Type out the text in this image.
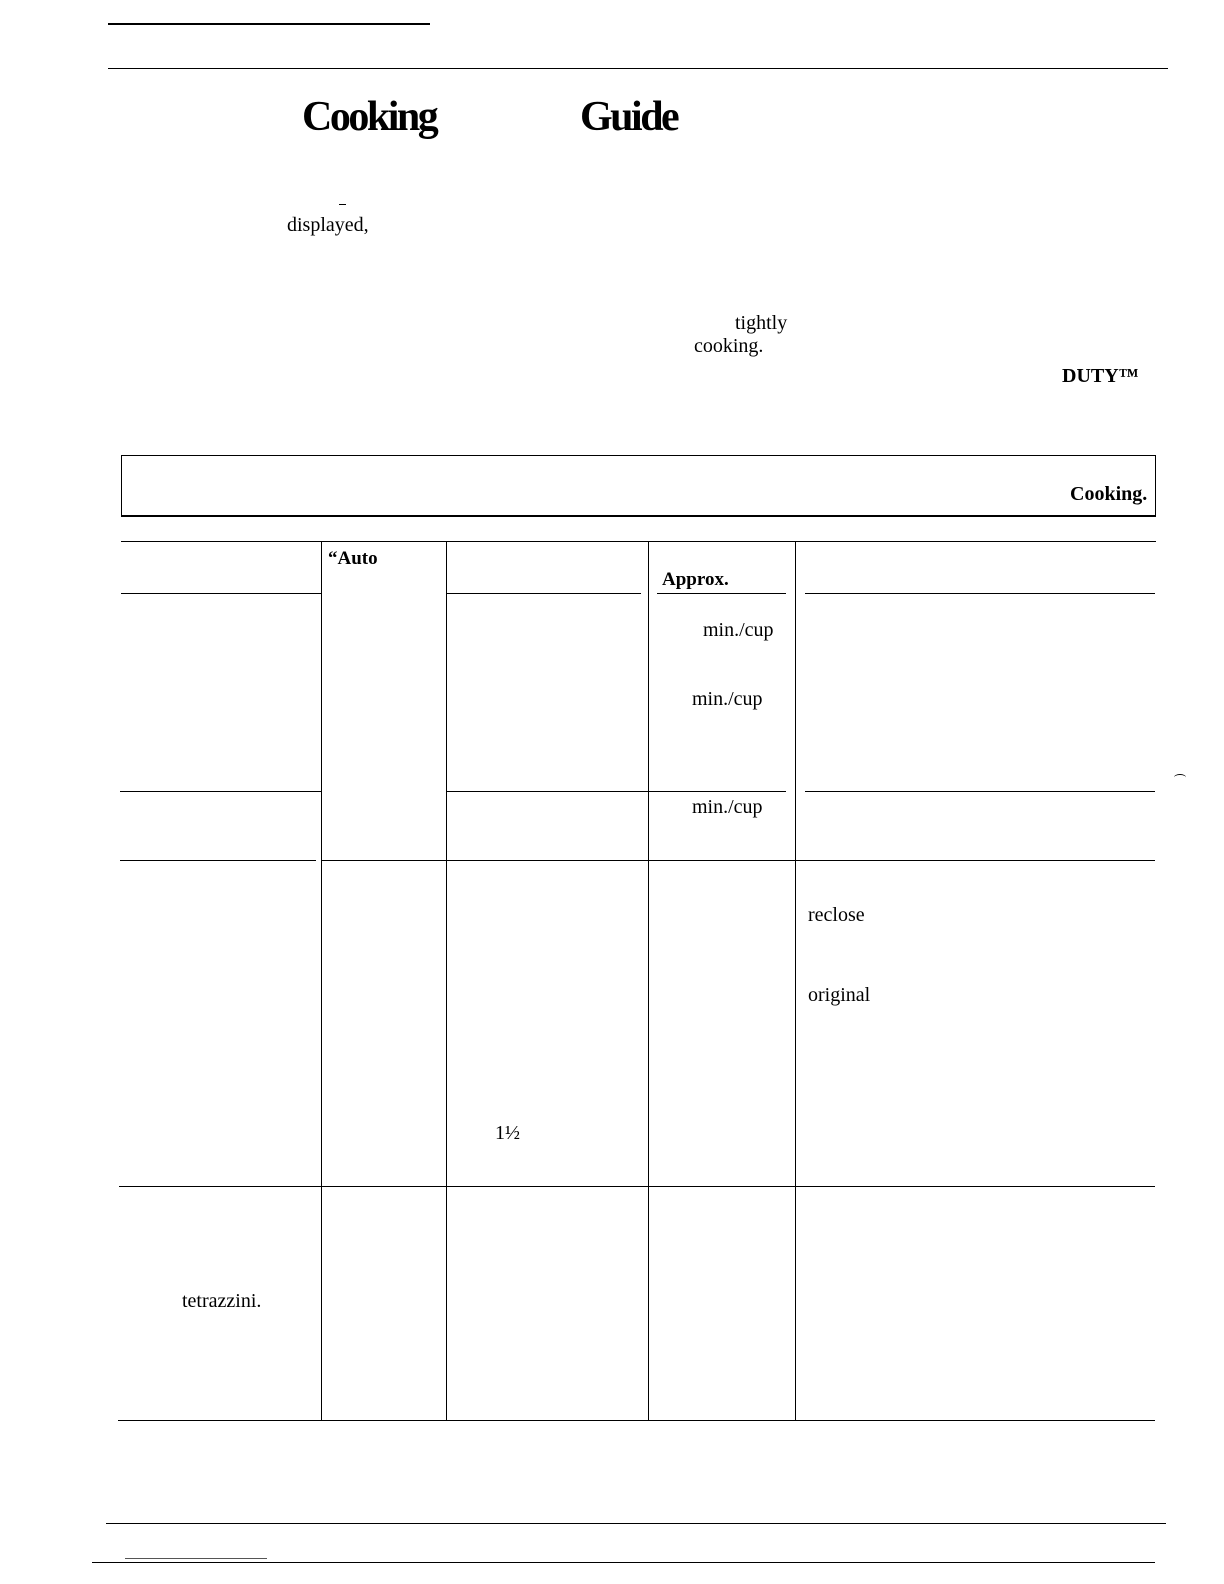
Cooking	Guide
displayed,
tightly
cooking.
DUTY™
Cooking.
“Auto
Approx.
min./cup
min./cup
min./cup
reclose
original
1½
tetrazzini.
